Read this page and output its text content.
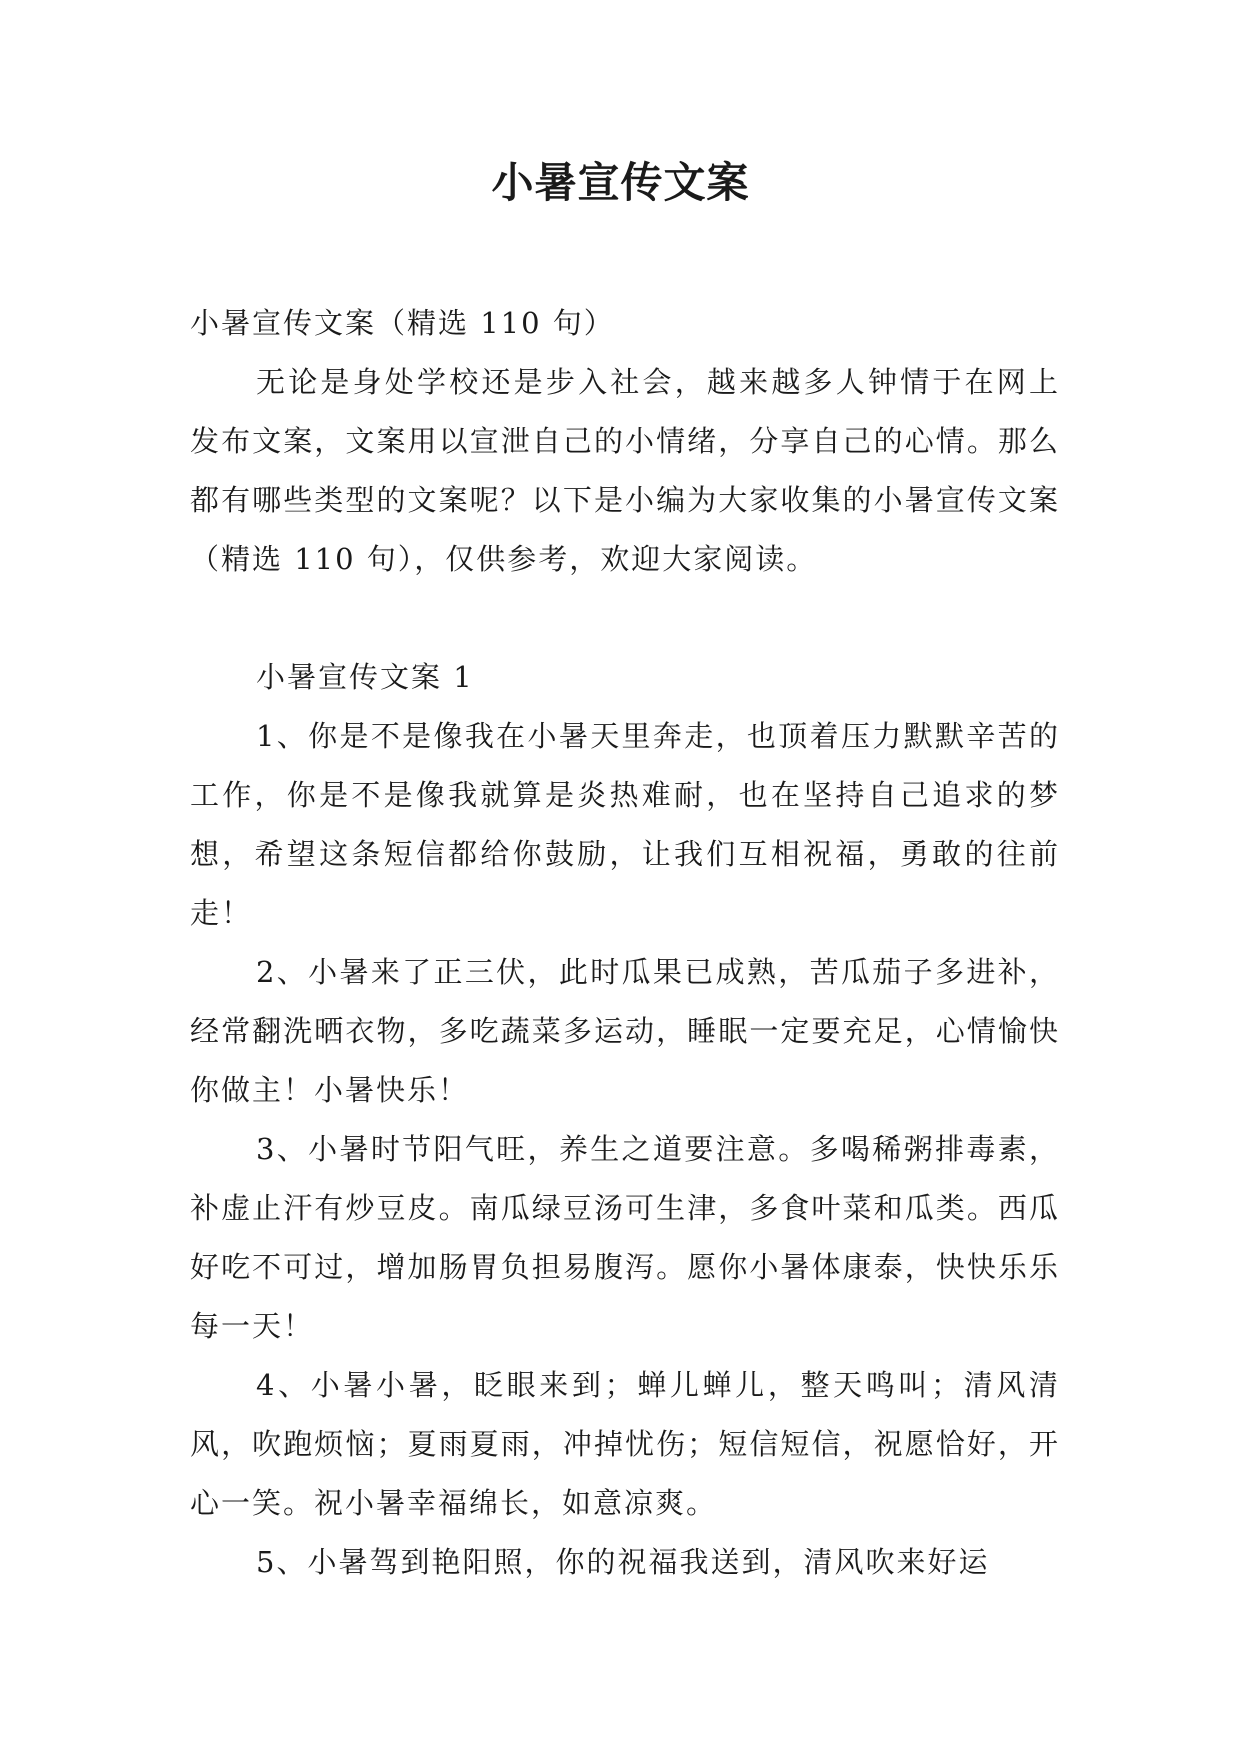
小暑宣传文案

小暑宣传文案（精选 110 句）

无论是身处学校还是步入社会，越来越多人钟情于在网上发布文案，文案用以宣泄自己的小情绪，分享自己的心情。那么都有哪些类型的文案呢？以下是小编为大家收集的小暑宣传文案（精选 110 句），仅供参考，欢迎大家阅读。

小暑宣传文案 1

1、你是不是像我在小暑天里奔走，也顶着压力默默辛苦的工作，你是不是像我就算是炎热难耐，也在坚持自己追求的梦想，希望这条短信都给你鼓励，让我们互相祝福，勇敢的往前走！

2、小暑来了正三伏，此时瓜果已成熟，苦瓜茄子多进补，经常翻洗晒衣物，多吃蔬菜多运动，睡眠一定要充足，心情愉快你做主！小暑快乐！

3、小暑时节阳气旺，养生之道要注意。多喝稀粥排毒素，补虚止汗有炒豆皮。南瓜绿豆汤可生津，多食叶菜和瓜类。西瓜好吃不可过，增加肠胃负担易腹泻。愿你小暑体康泰，快快乐乐每一天！

4、小暑小暑，眨眼来到；蝉儿蝉儿，整天鸣叫；清风清风，吹跑烦恼；夏雨夏雨，冲掉忧伤；短信短信，祝愿恰好，开心一笑。祝小暑幸福绵长，如意凉爽。

5、小暑驾到艳阳照，你的祝福我送到，清风吹来好运
